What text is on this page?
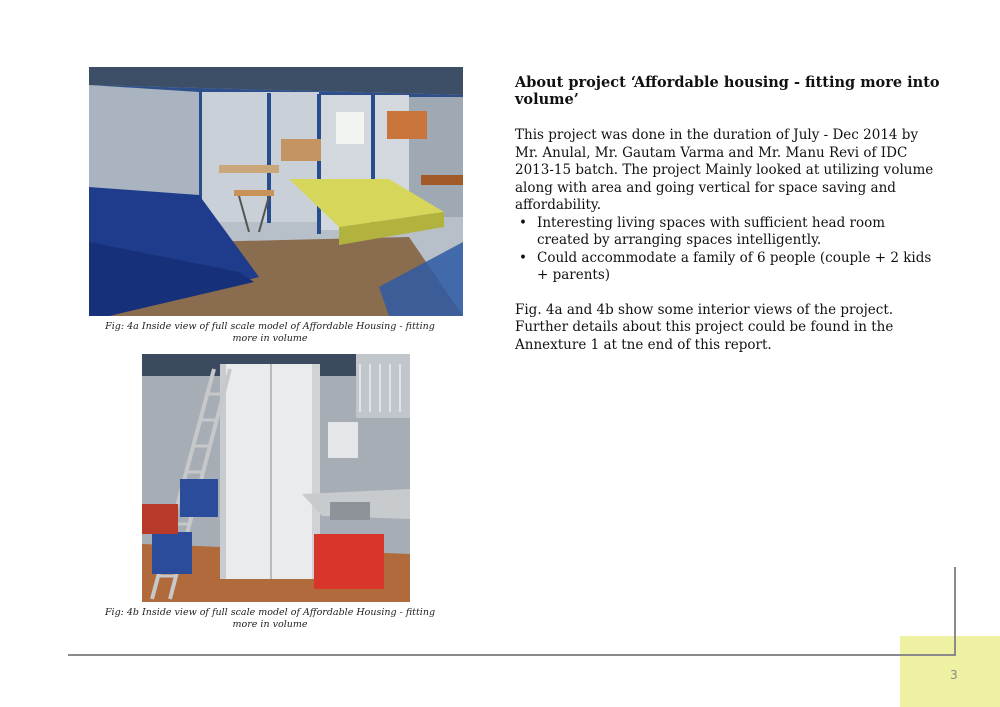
Fig: 4a Inside view of full scale model of Affordable Housing - fitting more in volume
Fig: 4b Inside view of full scale model of Affordable Housing - fitting more in volume
About project ‘Affordable housing - fitting more into volume’

This project was done in the duration of July - Dec 2014 by Mr. Anulal, Mr. Gautam Varma and Mr. Manu Revi of IDC 2013-15 batch. The project Mainly looked at utilizing volume along with area and going vertical for space saving and affordability.

• Interesting living spaces with sufficient head room created by arranging spaces intelligently.
• Could accommodate a family of 6 people (couple + 2 kids + parents)

Fig. 4a and 4b show some interior views of the project. Further details about this project could be found in the Annexture 1 at tne end of this report.

3
